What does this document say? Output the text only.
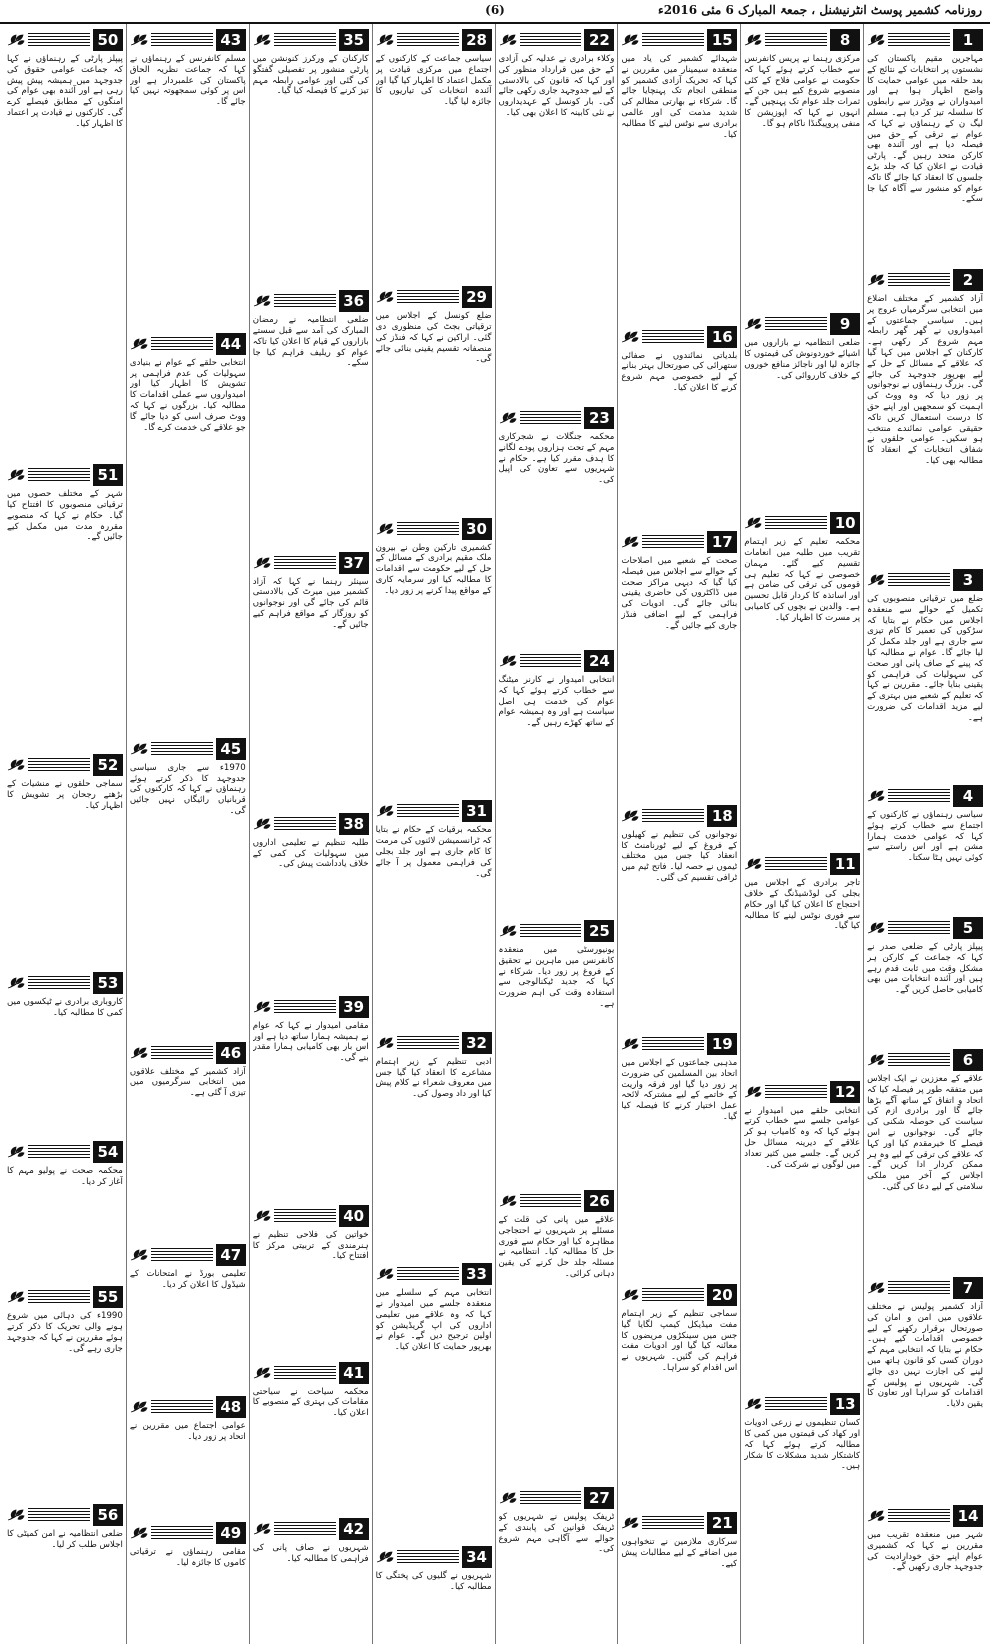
روزنامہ کشمیر پوسٹ انٹرنیشنل ، جمعۃ المبارک 6 مئی 2016ء
(6)
1

مہاجرین مقیم پاکستان کی نشستوں پر انتخابات کے نتائج کے بعد حلقہ میں عوامی حمایت کا واضح اظہار ہوا ہے اور امیدواران نے ووٹرز سے رابطوں کا سلسلہ تیز کر دیا ہے۔ مسلم لیگ ن کے رہنماؤں نے کہا کہ عوام نے ترقی کے حق میں فیصلہ دیا ہے اور آئندہ بھی کارکن متحد رہیں گے۔ پارٹی قیادت نے اعلان کیا کہ جلد بڑے جلسوں کا انعقاد کیا جائے گا تاکہ عوام کو منشور سے آگاہ کیا جا سکے۔

2

آزاد کشمیر کے مختلف اضلاع میں انتخابی سرگرمیاں عروج پر ہیں۔ سیاسی جماعتوں کے امیدواروں نے گھر گھر رابطہ مہم شروع کر رکھی ہے۔ کارکنان کے اجلاس میں کہا گیا کہ علاقے کے مسائل کے حل کے لیے بھرپور جدوجہد کی جائے گی۔ بزرگ رہنماؤں نے نوجوانوں پر زور دیا کہ وہ ووٹ کی اہمیت کو سمجھیں اور اپنے حق کا درست استعمال کریں تاکہ حقیقی عوامی نمائندے منتخب ہو سکیں۔ عوامی حلقوں نے شفاف انتخابات کے انعقاد کا مطالبہ بھی کیا۔

3

ضلع میں ترقیاتی منصوبوں کی تکمیل کے حوالے سے منعقدہ اجلاس میں حکام نے بتایا کہ سڑکوں کی تعمیر کا کام تیزی سے جاری ہے اور جلد مکمل کر لیا جائے گا۔ عوام نے مطالبہ کیا کہ پینے کے صاف پانی اور صحت کی سہولیات کی فراہمی کو یقینی بنایا جائے۔ مقررین نے کہا کہ تعلیم کے شعبے میں بہتری کے لیے مزید اقدامات کی ضرورت ہے۔

4

سیاسی رہنماؤں نے کارکنوں کے اجتماع سے خطاب کرتے ہوئے کہا کہ عوامی خدمت ہمارا مشن ہے اور اس راستے سے کوئی نہیں ہٹا سکتا۔

5

پیپلز پارٹی کے ضلعی صدر نے کہا کہ جماعت کے کارکن ہر مشکل وقت میں ثابت قدم رہے ہیں اور آئندہ انتخابات میں بھی کامیابی حاصل کریں گے۔

6

علاقے کے معززین نے ایک اجلاس میں متفقہ طور پر فیصلہ کیا کہ اتحاد و اتفاق کے ساتھ آگے بڑھا جائے گا اور برادری ازم کی سیاست کی حوصلہ شکنی کی جائے گی۔ نوجوانوں نے اس فیصلے کا خیرمقدم کیا اور کہا کہ علاقے کی ترقی کے لیے وہ ہر ممکن کردار ادا کریں گے۔ اجلاس کے آخر میں ملکی سلامتی کے لیے دعا کی گئی۔

7

آزاد کشمیر پولیس نے مختلف علاقوں میں امن و امان کی صورتحال برقرار رکھنے کے لیے خصوصی اقدامات کیے ہیں۔ حکام نے بتایا کہ انتخابی مہم کے دوران کسی کو قانون ہاتھ میں لینے کی اجازت نہیں دی جائے گی۔ شہریوں نے پولیس کے اقدامات کو سراہا اور تعاون کا یقین دلایا۔

14

شہر میں منعقدہ تقریب میں مقررین نے کہا کہ کشمیری عوام اپنے حق خودارادیت کی جدوجہد جاری رکھیں گے۔

8

مرکزی رہنما نے پریس کانفرنس سے خطاب کرتے ہوئے کہا کہ حکومت نے عوامی فلاح کے کئی منصوبے شروع کیے ہیں جن کے ثمرات جلد عوام تک پہنچیں گے۔ انہوں نے کہا کہ اپوزیشن کا منفی پروپیگنڈا ناکام ہو گا۔

9

ضلعی انتظامیہ نے بازاروں میں اشیائے خوردونوش کی قیمتوں کا جائزہ لیا اور ناجائز منافع خوروں کے خلاف کارروائی کی۔

10

محکمہ تعلیم کے زیر اہتمام تقریب میں طلبہ میں انعامات تقسیم کیے گئے۔ مہمان خصوصی نے کہا کہ تعلیم ہی قوموں کی ترقی کی ضامن ہے اور اساتذہ کا کردار قابل تحسین ہے۔ والدین نے بچوں کی کامیابی پر مسرت کا اظہار کیا۔

11

تاجر برادری کے اجلاس میں بجلی کی لوڈشیڈنگ کے خلاف احتجاج کا اعلان کیا گیا اور حکام سے فوری نوٹس لینے کا مطالبہ کیا گیا۔

12

انتخابی حلقے میں امیدوار نے عوامی جلسے سے خطاب کرتے ہوئے کہا کہ وہ کامیاب ہو کر علاقے کے دیرینہ مسائل حل کریں گے۔ جلسے میں کثیر تعداد میں لوگوں نے شرکت کی۔

13

کسان تنظیموں نے زرعی ادویات اور کھاد کی قیمتوں میں کمی کا مطالبہ کرتے ہوئے کہا کہ کاشتکار شدید مشکلات کا شکار ہیں۔

15

شہدائے کشمیر کی یاد میں منعقدہ سیمینار میں مقررین نے کہا کہ تحریک آزادی کشمیر کو منطقی انجام تک پہنچایا جائے گا۔ شرکاء نے بھارتی مظالم کی شدید مذمت کی اور عالمی برادری سے نوٹس لینے کا مطالبہ کیا۔

16

بلدیاتی نمائندوں نے صفائی ستھرائی کی صورتحال بہتر بنانے کے لیے خصوصی مہم شروع کرنے کا اعلان کیا۔

17

صحت کے شعبے میں اصلاحات کے حوالے سے اجلاس میں فیصلہ کیا گیا کہ دیہی مراکز صحت میں ڈاکٹروں کی حاضری یقینی بنائی جائے گی۔ ادویات کی فراہمی کے لیے اضافی فنڈز جاری کیے جائیں گے۔

18

نوجوانوں کی تنظیم نے کھیلوں کے فروغ کے لیے ٹورنامنٹ کا انعقاد کیا جس میں مختلف ٹیموں نے حصہ لیا۔ فاتح ٹیم میں ٹرافی تقسیم کی گئی۔

19

مذہبی جماعتوں کے اجلاس میں اتحاد بین المسلمین کی ضرورت پر زور دیا گیا اور فرقہ واریت کے خاتمے کے لیے مشترکہ لائحہ عمل اختیار کرنے کا فیصلہ کیا گیا۔

20

سماجی تنظیم کے زیر اہتمام مفت میڈیکل کیمپ لگایا گیا جس میں سینکڑوں مریضوں کا معائنہ کیا گیا اور ادویات مفت فراہم کی گئیں۔ شہریوں نے اس اقدام کو سراہا۔

21

سرکاری ملازمین نے تنخواہوں میں اضافے کے لیے مطالبات پیش کیے۔

22

وکلاء برادری نے عدلیہ کی آزادی کے حق میں قرارداد منظور کی اور کہا کہ قانون کی بالادستی کے لیے جدوجہد جاری رکھی جائے گی۔ بار کونسل کے عہدیداروں نے نئی کابینہ کا اعلان بھی کیا۔

23

محکمہ جنگلات نے شجرکاری مہم کے تحت ہزاروں پودے لگانے کا ہدف مقرر کیا ہے۔ حکام نے شہریوں سے تعاون کی اپیل کی۔

24

انتخابی امیدوار نے کارنر میٹنگ سے خطاب کرتے ہوئے کہا کہ عوام کی خدمت ہی اصل سیاست ہے اور وہ ہمیشہ عوام کے ساتھ کھڑے رہیں گے۔

25

یونیورسٹی میں منعقدہ کانفرنس میں ماہرین نے تحقیق کے فروغ پر زور دیا۔ شرکاء نے کہا کہ جدید ٹیکنالوجی سے استفادہ وقت کی اہم ضرورت ہے۔

26

علاقے میں پانی کی قلت کے مسئلے پر شہریوں نے احتجاجی مظاہرہ کیا اور حکام سے فوری حل کا مطالبہ کیا۔ انتظامیہ نے مسئلہ جلد حل کرنے کی یقین دہانی کرائی۔

27

ٹریفک پولیس نے شہریوں کو ٹریفک قوانین کی پابندی کے حوالے سے آگاہی مہم شروع کی۔

28

سیاسی جماعت کے کارکنوں کے اجتماع میں مرکزی قیادت پر مکمل اعتماد کا اظہار کیا گیا اور آئندہ انتخابات کی تیاریوں کا جائزہ لیا گیا۔

29

ضلع کونسل کے اجلاس میں ترقیاتی بجٹ کی منظوری دی گئی۔ اراکین نے کہا کہ فنڈز کی منصفانہ تقسیم یقینی بنائی جائے گی۔

30

کشمیری تارکین وطن نے بیرون ملک مقیم برادری کے مسائل کے حل کے لیے حکومت سے اقدامات کا مطالبہ کیا اور سرمایہ کاری کے مواقع پیدا کرنے پر زور دیا۔

31

محکمہ برقیات کے حکام نے بتایا کہ ٹرانسمیشن لائنوں کی مرمت کا کام جاری ہے اور جلد بجلی کی فراہمی معمول پر آ جائے گی۔

32

ادبی تنظیم کے زیر اہتمام مشاعرے کا انعقاد کیا گیا جس میں معروف شعراء نے کلام پیش کیا اور داد وصول کی۔

33

انتخابی مہم کے سلسلے میں منعقدہ جلسے میں امیدوار نے کہا کہ وہ علاقے میں تعلیمی اداروں کی اپ گریڈیشن کو اولین ترجیح دیں گے۔ عوام نے بھرپور حمایت کا اعلان کیا۔

34

شہریوں نے گلیوں کی پختگی کا مطالبہ کیا۔

35

کارکنان کے ورکرز کنونشن میں پارٹی منشور پر تفصیلی گفتگو کی گئی اور عوامی رابطہ مہم تیز کرنے کا فیصلہ کیا گیا۔

36

ضلعی انتظامیہ نے رمضان المبارک کی آمد سے قبل سستے بازاروں کے قیام کا اعلان کیا تاکہ عوام کو ریلیف فراہم کیا جا سکے۔

37

سینئر رہنما نے کہا کہ آزاد کشمیر میں میرٹ کی بالادستی قائم کی جائے گی اور نوجوانوں کو روزگار کے مواقع فراہم کیے جائیں گے۔

38

طلبہ تنظیم نے تعلیمی اداروں میں سہولیات کی کمی کے خلاف یادداشت پیش کی۔

39

مقامی امیدوار نے کہا کہ عوام نے ہمیشہ ہمارا ساتھ دیا ہے اور اس بار بھی کامیابی ہمارا مقدر بنے گی۔

40

خواتین کی فلاحی تنظیم نے ہنرمندی کے تربیتی مرکز کا افتتاح کیا۔

41

محکمہ سیاحت نے سیاحتی مقامات کی بہتری کے منصوبے کا اعلان کیا۔

42

شہریوں نے صاف پانی کی فراہمی کا مطالبہ کیا۔

43

مسلم کانفرنس کے رہنماؤں نے کہا کہ جماعت نظریہ الحاق پاکستان کی علمبردار ہے اور اس پر کوئی سمجھوتہ نہیں کیا جائے گا۔

44

انتخابی حلقے کے عوام نے بنیادی سہولیات کی عدم فراہمی پر تشویش کا اظہار کیا اور امیدواروں سے عملی اقدامات کا مطالبہ کیا۔ بزرگوں نے کہا کہ ووٹ صرف اسی کو دیا جائے گا جو علاقے کی خدمت کرے گا۔

45

1970ء سے جاری سیاسی جدوجہد کا ذکر کرتے ہوئے رہنماؤں نے کہا کہ کارکنوں کی قربانیاں رائیگاں نہیں جائیں گی۔

46

آزاد کشمیر کے مختلف علاقوں میں انتخابی سرگرمیوں میں تیزی آ گئی ہے۔

47

تعلیمی بورڈ نے امتحانات کے شیڈول کا اعلان کر دیا۔

48

عوامی اجتماع میں مقررین نے اتحاد پر زور دیا۔

49

مقامی رہنماؤں نے ترقیاتی کاموں کا جائزہ لیا۔

50

پیپلز پارٹی کے رہنماؤں نے کہا کہ جماعت عوامی حقوق کی جدوجہد میں ہمیشہ پیش پیش رہی ہے اور آئندہ بھی عوام کی امنگوں کے مطابق فیصلے کرے گی۔ کارکنوں نے قیادت پر اعتماد کا اظہار کیا۔

51

شہر کے مختلف حصوں میں ترقیاتی منصوبوں کا افتتاح کیا گیا۔ حکام نے کہا کہ منصوبے مقررہ مدت میں مکمل کیے جائیں گے۔

52

سماجی حلقوں نے منشیات کے بڑھتے رجحان پر تشویش کا اظہار کیا۔

53

کاروباری برادری نے ٹیکسوں میں کمی کا مطالبہ کیا۔

54

محکمہ صحت نے پولیو مہم کا آغاز کر دیا۔

55

1990ء کی دہائی میں شروع ہونے والی تحریک کا ذکر کرتے ہوئے مقررین نے کہا کہ جدوجہد جاری رہے گی۔

56

ضلعی انتظامیہ نے امن کمیٹی کا اجلاس طلب کر لیا۔
